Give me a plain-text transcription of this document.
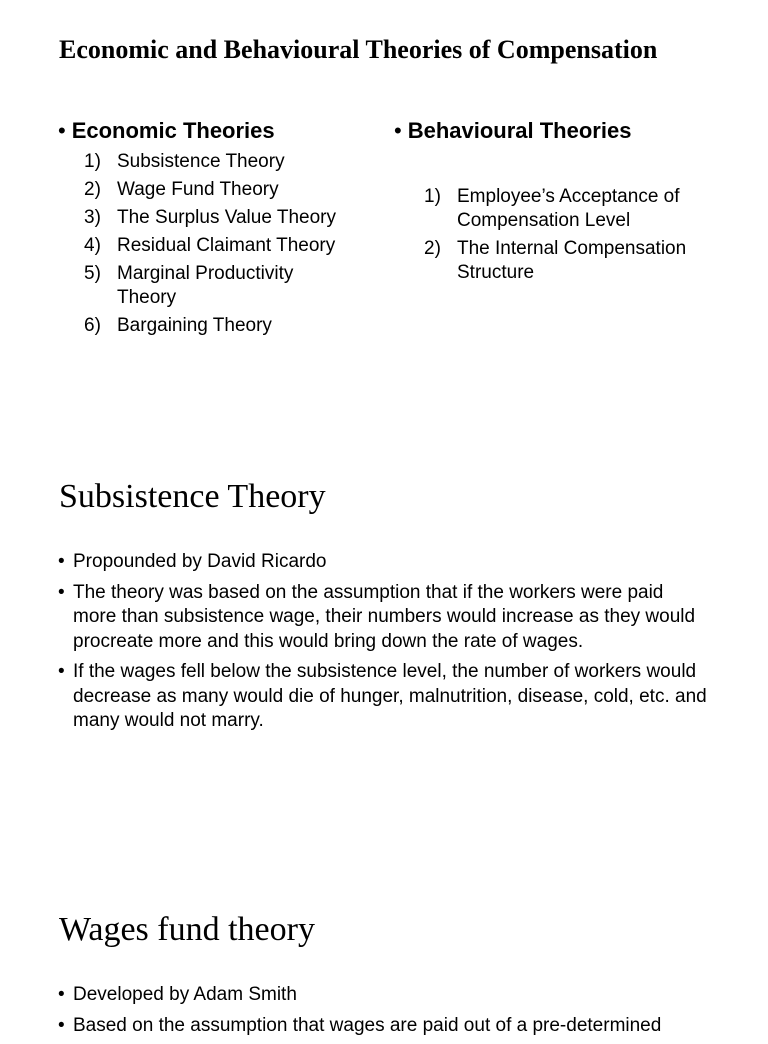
Economic and Behavioural Theories of Compensation
• Economic Theories
1) Subsistence Theory
2) Wage Fund Theory
3) The Surplus Value Theory
4) Residual Claimant Theory
5) Marginal Productivity Theory
6) Bargaining Theory
• Behavioural Theories
1) Employee’s Acceptance of Compensation Level
2) The Internal Compensation Structure
Subsistence Theory
• Propounded by David Ricardo
• The theory was based on the assumption that if the workers were paid more than subsistence wage, their numbers would increase as they would procreate more and this would bring down the rate of wages.
• If the wages fell below the subsistence level, the number of workers would decrease as many would die of hunger, malnutrition, disease, cold, etc. and many would not marry.
Wages fund theory
• Developed by Adam Smith
• Based on the assumption that wages are paid out of a pre-determined
